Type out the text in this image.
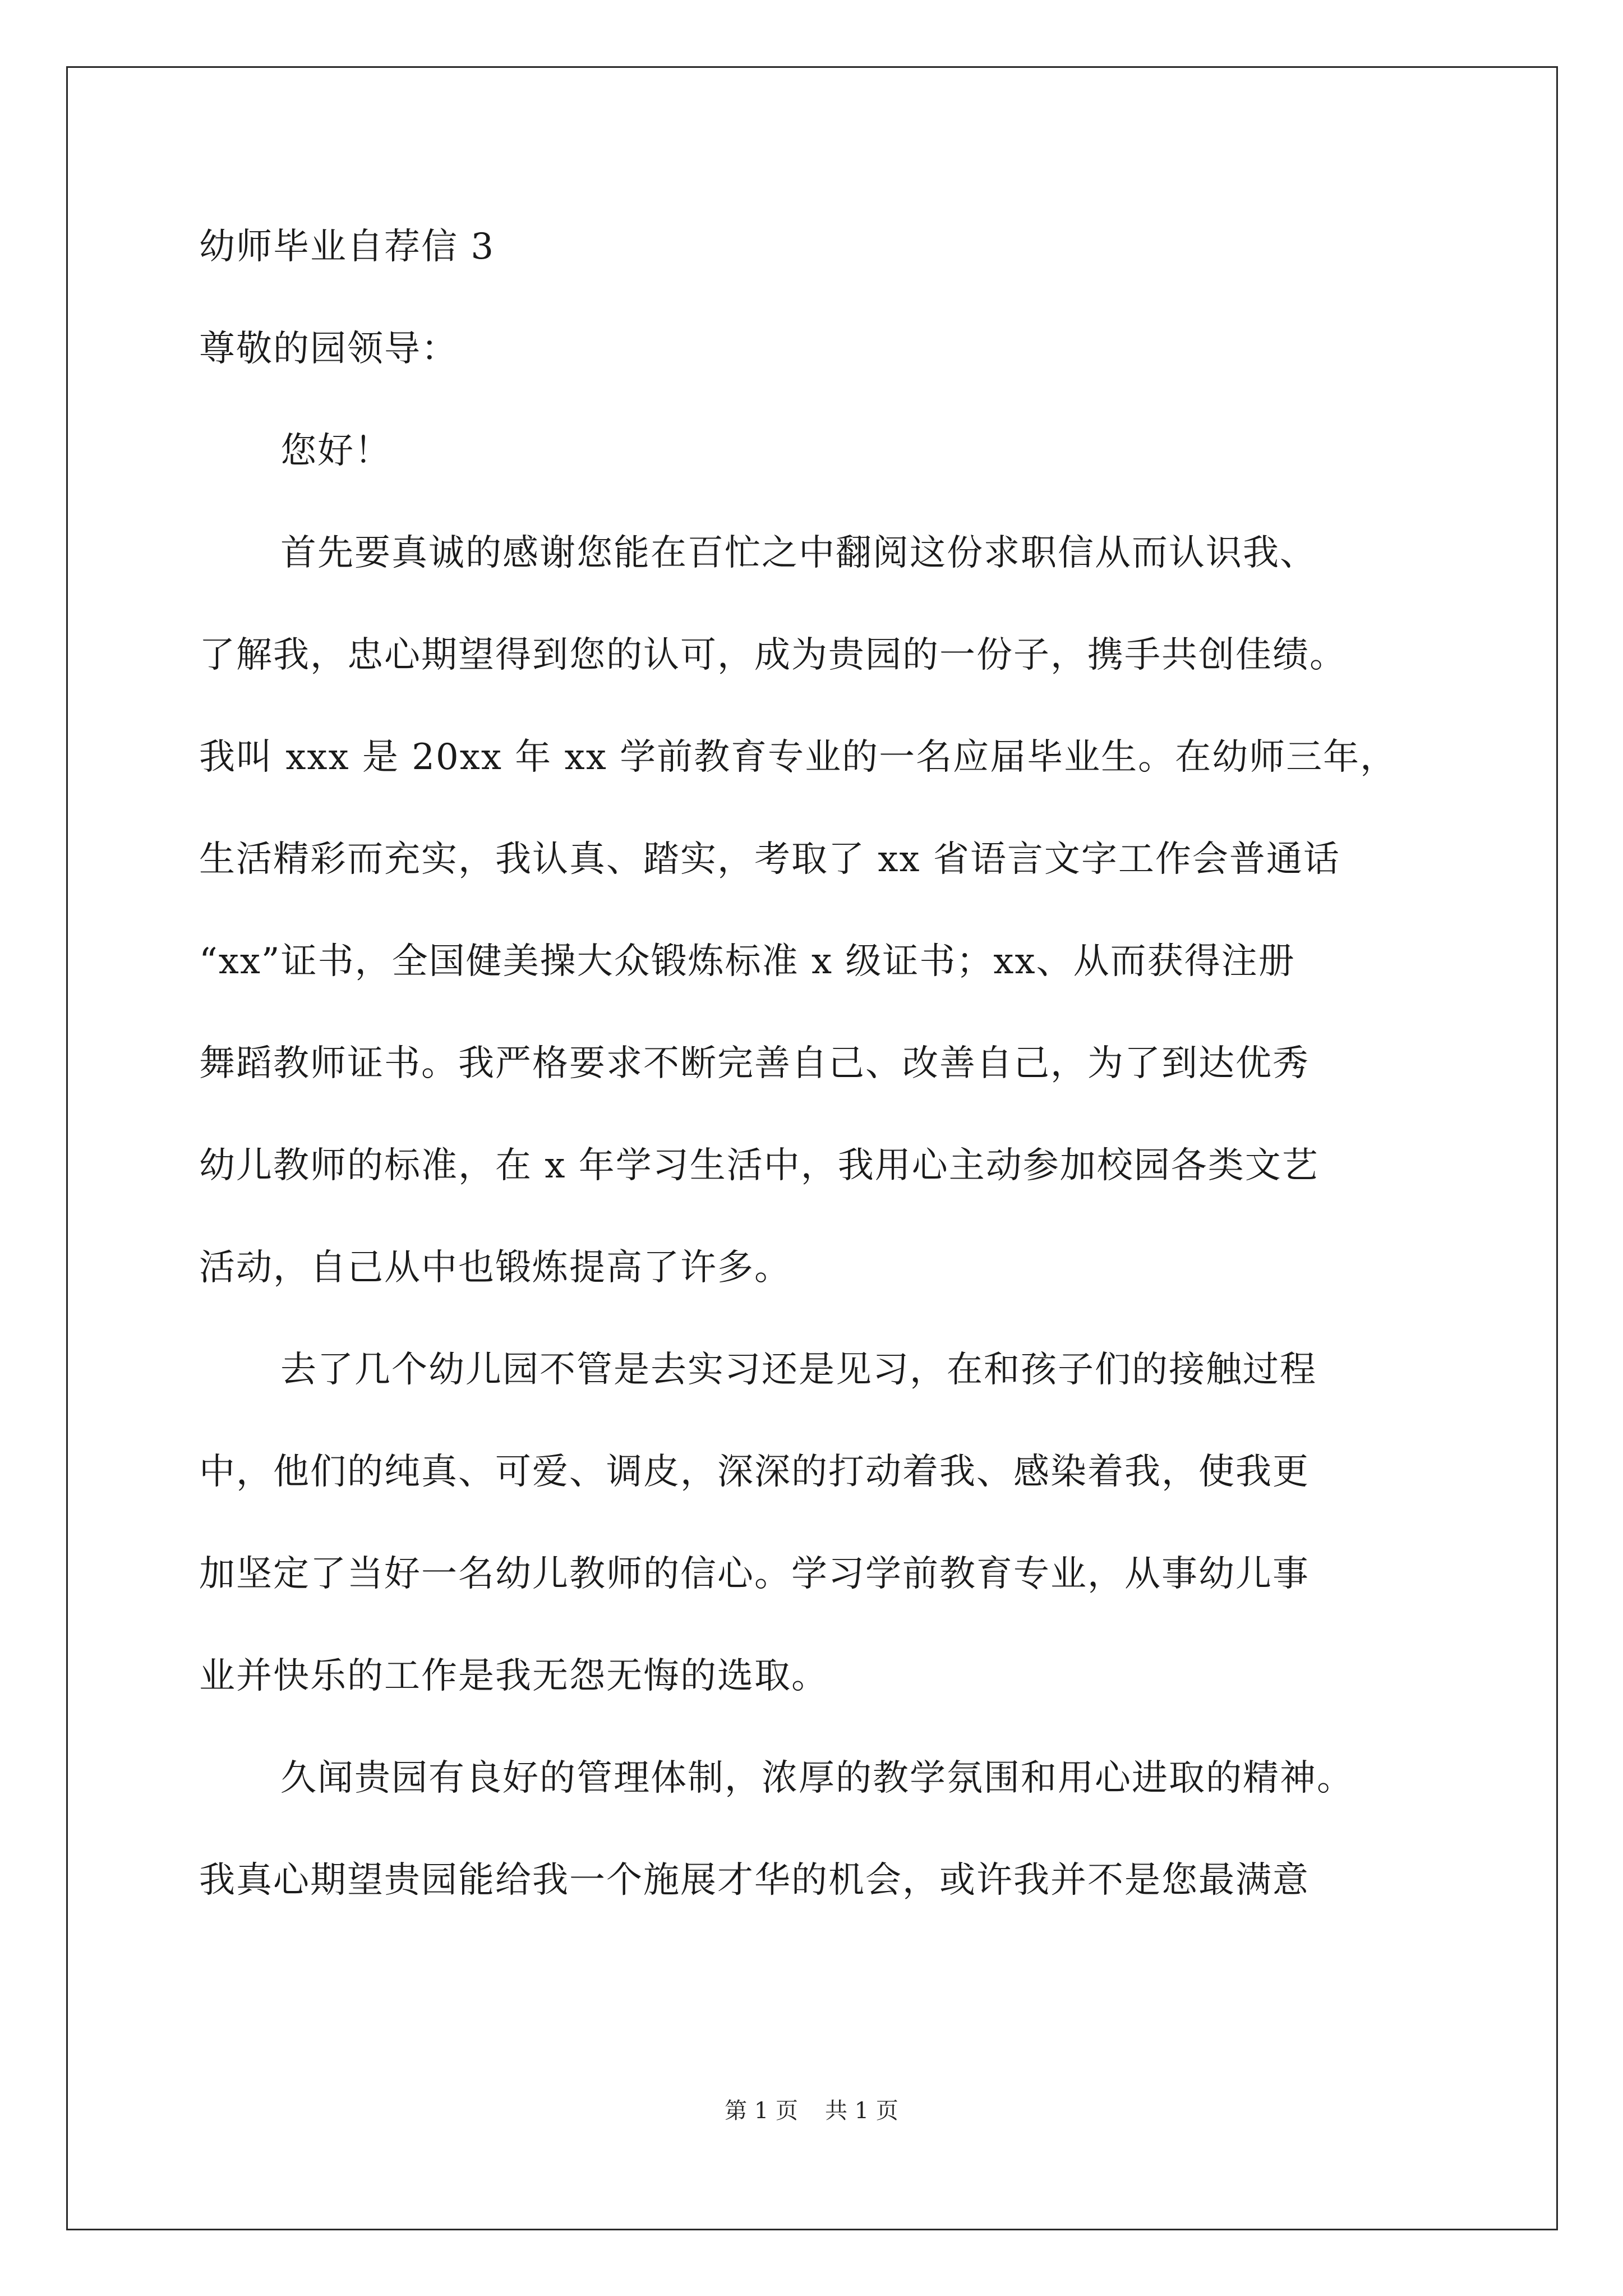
幼师毕业自荐信 3
尊敬的园领导：
您好！
首先要真诚的感谢您能在百忙之中翻阅这份求职信从而认识我、
了解我，忠心期望得到您的认可，成为贵园的一份子，携手共创佳绩。
我叫 xxx 是 20xx 年 xx 学前教育专业的一名应届毕业生。在幼师三年，
生活精彩而充实，我认真、踏实，考取了 xx 省语言文字工作会普通话
“xx”证书，全国健美操大众锻炼标准 x 级证书；xx、从而获得注册
舞蹈教师证书。我严格要求不断完善自己、改善自己，为了到达优秀
幼儿教师的标准，在 x 年学习生活中，我用心主动参加校园各类文艺
活动，自己从中也锻炼提高了许多。
去了几个幼儿园不管是去实习还是见习，在和孩子们的接触过程
中，他们的纯真、可爱、调皮，深深的打动着我、感染着我，使我更
加坚定了当好一名幼儿教师的信心。学习学前教育专业，从事幼儿事
业并快乐的工作是我无怨无悔的选取。
久闻贵园有良好的管理体制，浓厚的教学氛围和用心进取的精神。
我真心期望贵园能给我一个施展才华的机会，或许我并不是您最满意
第 1 页 共 1 页
